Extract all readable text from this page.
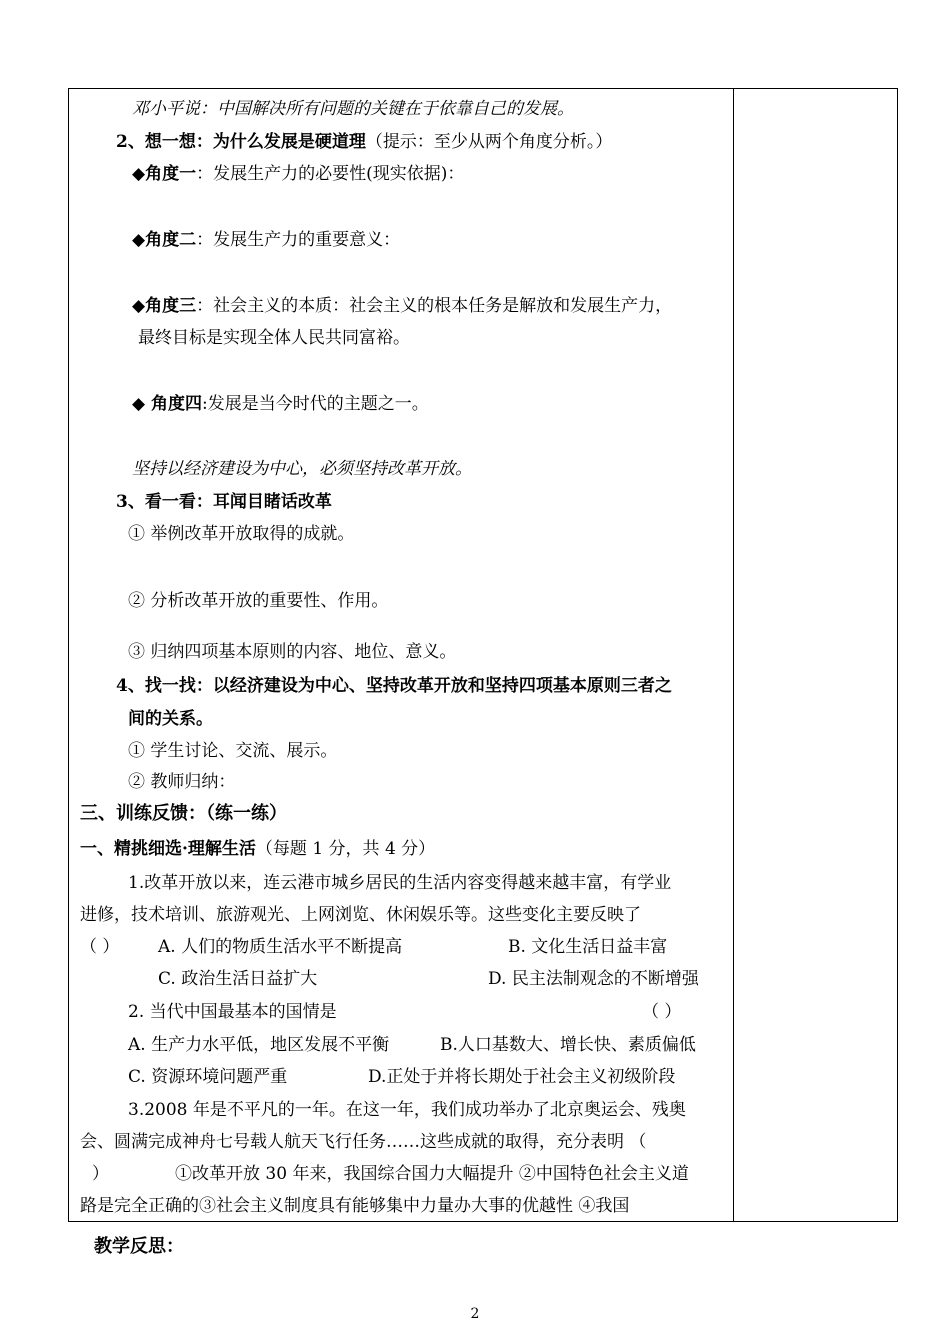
邓小平说：中国解决所有问题的关键在于依靠自己的发展。
2、想一想：为什么发展是硬道理（提示：至少从两个角度分析。）
◆角度一：发展生产力的必要性(现实依据)：
◆角度二：发展生产力的重要意义：
◆角度三：社会主义的本质：社会主义的根本任务是解放和发展生产力，
最终目标是实现全体人民共同富裕。
◆ 角度四:发展是当今时代的主题之一。
坚持以经济建设为中心，必须坚持改革开放。
3、看一看：耳闻目睹话改革
① 举例改革开放取得的成就。
② 分析改革开放的重要性、作用。
③ 归纳四项基本原则的内容、地位、意义。
4、找一找：以经济建设为中心、坚持改革开放和坚持四项基本原则三者之
间的关系。
① 学生讨论、交流、展示。
② 教师归纳：
三、训练反馈：（练一练）
一、精挑细选·理解生活（每题 1 分，共 4 分）
1.改革开放以来，连云港市城乡居民的生活内容变得越来越丰富，有学业
进修，技术培训、旅游观光、上网浏览、休闲娱乐等。这些变化主要反映了
（ ） A. 人们的物质生活水平不断提高	B. 文化生活日益丰富
C. 政治生活日益扩大	D. 民主法制观念的不断增强
2. 当代中国最基本的国情是	（ ）
A. 生产力水平低，地区发展不平衡	B.人口基数大、增长快、素质偏低
C. 资源环境问题严重	D.正处于并将长期处于社会主义初级阶段
3.2008 年是不平凡的一年。在这一年，我们成功举办了北京奥运会、残奥
会、圆满完成神舟七号载人航天飞行任务……这些成就的取得，充分表明 （
）	①改革开放 30 年来，我国综合国力大幅提升 ②中国特色社会主义道
路是完全正确的③社会主义制度具有能够集中力量办大事的优越性 ④我国
教学反思：
2
